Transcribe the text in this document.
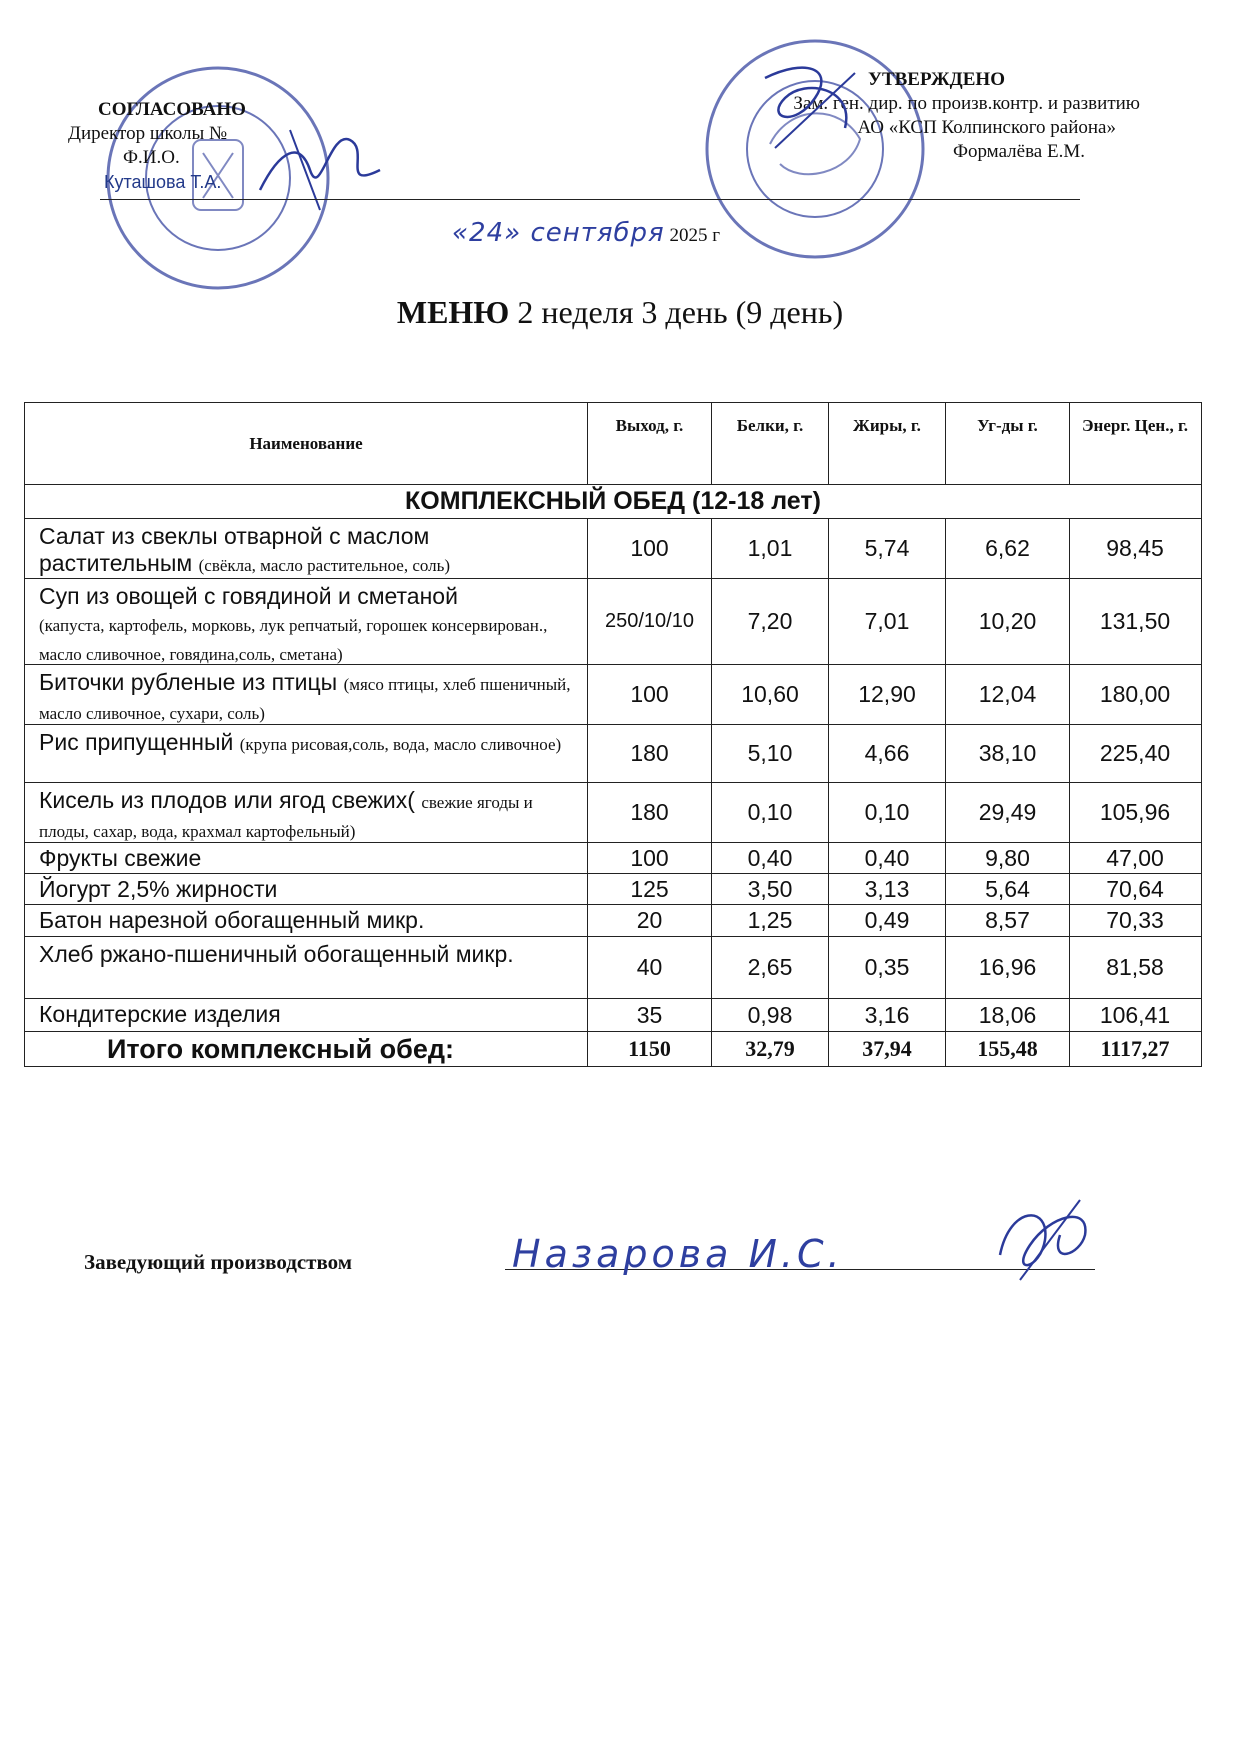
СОГЛАСОВАНО
Директор школы №
Ф.И.О.
Куташова Т.А.
УТВЕРЖДЕНО
Зам. ген. дир. по произв.контр. и развитию
АО «КСП Колпинского района»
Формалёва Е.М.
«24» сентября 2025 г
МЕНЮ 2 неделя 3 день (9 день)
Наименование
Выход, г.	Белки, г.	Жиры, г.	Уг-ды г.	Энерг. Цен., г.
КОМПЛЕКСНЫЙ ОБЕД (12-18 лет)
Салат из свеклы отварной с маслом растительным (свёкла, масло растительное, соль)
100	1,01	5,74	6,62	98,45
Суп из овощей с говядиной и сметаной
(капуста, картофель, морковь, лук репчатый, горошек консервирован., масло сливочное, говядина,соль, сметана)
250/10/10	7,20	7,01	10,20	131,50
Биточки рубленые из птицы (мясо птицы, хлеб пшеничный, масло сливочное, сухари, соль)
100	10,60	12,90	12,04	180,00
Рис припущенный (крупа рисовая,соль, вода, масло сливочное)	180	5,10	4,66	38,10	225,40
Кисель из плодов или ягод свежих( свежие ягоды и плоды, сахар, вода, крахмал картофельный)
180	0,10	0,10	29,49	105,96
Фрукты свежие	100	0,40	0,40	9,80	47,00
Йогурт 2,5% жирности	125	3,50	3,13	5,64	70,64
Батон нарезной обогащенный микр.	20	1,25	0,49	8,57	70,33
Хлеб ржано-пшеничный обогащенный микр.	40	2,65	0,35	16,96	81,58
Кондитерские изделия	35	0,98	3,16	18,06	106,41
Итого комплексный обед:	1150	32,79	37,94	155,48	1117,27
Заведующий производством	Назарова И.С.
